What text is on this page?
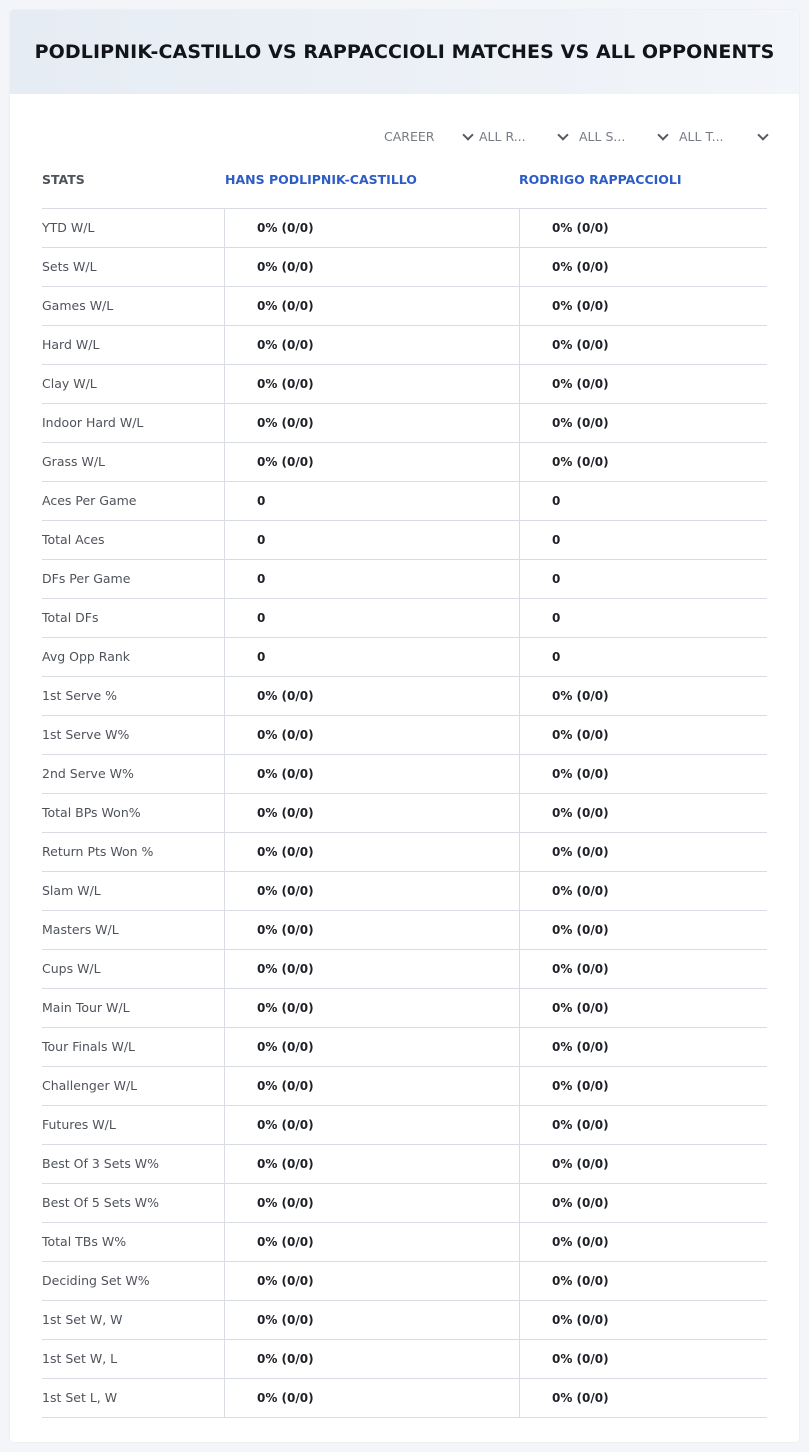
PODLIPNIK-CASTILLO VS RAPPACCIOLI MATCHES VS ALL OPPONENTS
CAREER	ALL R...	ALL S...	ALL T...
STATS	HANS PODLIPNIK-CASTILLO	RODRIGO RAPPACCIOLI
YTD W/L	0% (0/0)	0% (0/0)
Sets W/L	0% (0/0)	0% (0/0)
Games W/L	0% (0/0)	0% (0/0)
Hard W/L	0% (0/0)	0% (0/0)
Clay W/L	0% (0/0)	0% (0/0)
Indoor Hard W/L	0% (0/0)	0% (0/0)
Grass W/L	0% (0/0)	0% (0/0)
Aces Per Game	0	0
Total Aces	0	0
DFs Per Game	0	0
Total DFs	0	0
Avg Opp Rank	0	0
1st Serve %	0% (0/0)	0% (0/0)
1st Serve W%	0% (0/0)	0% (0/0)
2nd Serve W%	0% (0/0)	0% (0/0)
Total BPs Won%	0% (0/0)	0% (0/0)
Return Pts Won %	0% (0/0)	0% (0/0)
Slam W/L	0% (0/0)	0% (0/0)
Masters W/L	0% (0/0)	0% (0/0)
Cups W/L	0% (0/0)	0% (0/0)
Main Tour W/L	0% (0/0)	0% (0/0)
Tour Finals W/L	0% (0/0)	0% (0/0)
Challenger W/L	0% (0/0)	0% (0/0)
Futures W/L	0% (0/0)	0% (0/0)
Best Of 3 Sets W%	0% (0/0)	0% (0/0)
Best Of 5 Sets W%	0% (0/0)	0% (0/0)
Total TBs W%	0% (0/0)	0% (0/0)
Deciding Set W%	0% (0/0)	0% (0/0)
1st Set W, W	0% (0/0)	0% (0/0)
1st Set W, L	0% (0/0)	0% (0/0)
1st Set L, W	0% (0/0)	0% (0/0)
